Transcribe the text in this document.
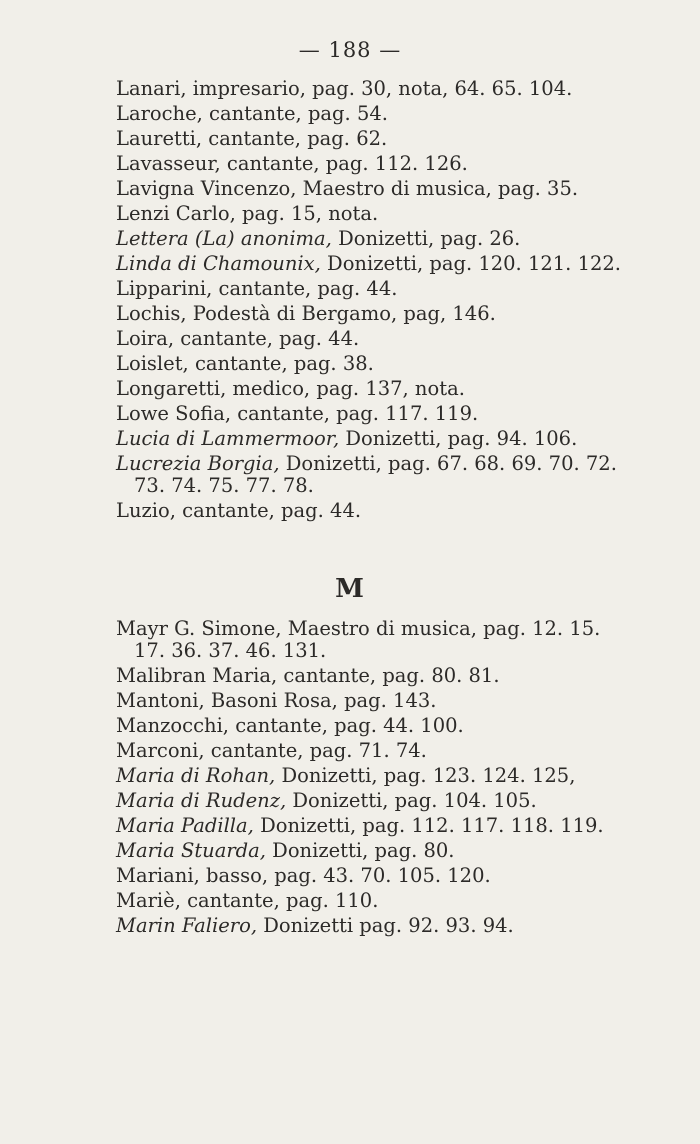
— 188 —
Lanari, impresario, pag. 30, nota, 64. 65. 104.
Laroche, cantante, pag. 54.
Lauretti, cantante, pag. 62.
Lavasseur, cantante, pag. 112. 126.
Lavigna Vincenzo, Maestro di musica, pag. 35.
Lenzi Carlo, pag. 15, nota.
Lettera (La) anonima, Donizetti, pag. 26.
Linda di Chamounix, Donizetti, pag. 120. 121. 122.
Lipparini, cantante, pag. 44.
Lochis, Podestà di Bergamo, pag, 146.
Loira, cantante, pag. 44.
Loislet, cantante, pag. 38.
Longaretti, medico, pag. 137, nota.
Lowe Sofia, cantante, pag. 117. 119.
Lucia di Lammermoor, Donizetti, pag. 94. 106.
Lucrezia Borgia, Donizetti, pag. 67. 68. 69. 70. 72.
73. 74. 75. 77. 78.
Luzio, cantante, pag. 44.
M
Mayr G. Simone, Maestro di musica, pag. 12. 15.
17. 36. 37. 46. 131.
Malibran Maria, cantante, pag. 80. 81.
Mantoni, Basoni Rosa, pag. 143.
Manzocchi, cantante, pag. 44. 100.
Marconi, cantante, pag. 71. 74.
Maria di Rohan, Donizetti, pag. 123. 124. 125,
Maria di Rudenz, Donizetti, pag. 104. 105.
Maria Padilla, Donizetti, pag. 112. 117. 118. 119.
Maria Stuarda, Donizetti, pag. 80.
Mariani, basso, pag. 43. 70. 105. 120.
Mariè, cantante, pag. 110.
Marin Faliero, Donizetti pag. 92. 93. 94.
